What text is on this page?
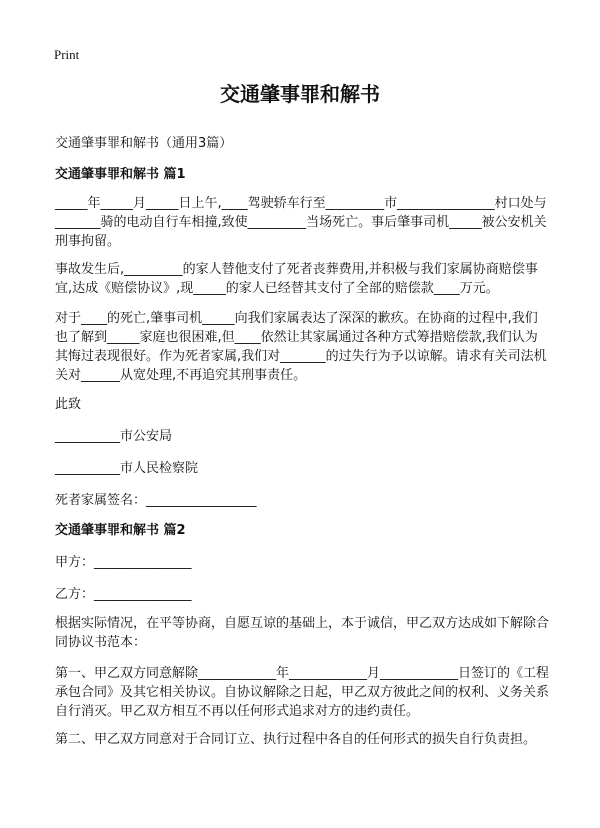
Print
交通肇事罪和解书

交通肇事罪和解书（通用3篇）

交通肇事罪和解书 篇1

_____年_____月_____日上午,____驾驶轿车行至_________市_______________村口处与_______骑的电动自行车相撞,致使_________当场死亡。事后肇事司机_____被公安机关刑事拘留。

事故发生后,_________的家人替他支付了死者丧葬费用,并积极与我们家属协商赔偿事宜,达成《赔偿协议》,现_____的家人已经替其支付了全部的赔偿款____万元。

对于____的死亡,肇事司机_____向我们家属表达了深深的歉疚。在协商的过程中,我们也了解到_____家庭也很困难,但____依然让其家属通过各种方式筹措赔偿款,我们认为其悔过表现很好。作为死者家属,我们对_______的过失行为予以谅解。请求有关司法机关对______从宽处理,不再追究其刑事责任。

此致

__________市公安局

__________市人民检察院

死者家属签名：_________________

交通肇事罪和解书 篇2

甲方：_______________

乙方：_______________

根据实际情况，在平等协商，自愿互谅的基础上，本于诚信，甲乙双方达成如下解除合同协议书范本：

第一、甲乙双方同意解除____________年____________月____________日签订的《工程承包合同》及其它相关协议。自协议解除之日起，甲乙双方彼此之间的权利、义务关系自行消灭。甲乙双方相互不再以任何形式追求对方的违约责任。

第二、甲乙双方同意对于合同订立、执行过程中各自的任何形式的损失自行负责担。
